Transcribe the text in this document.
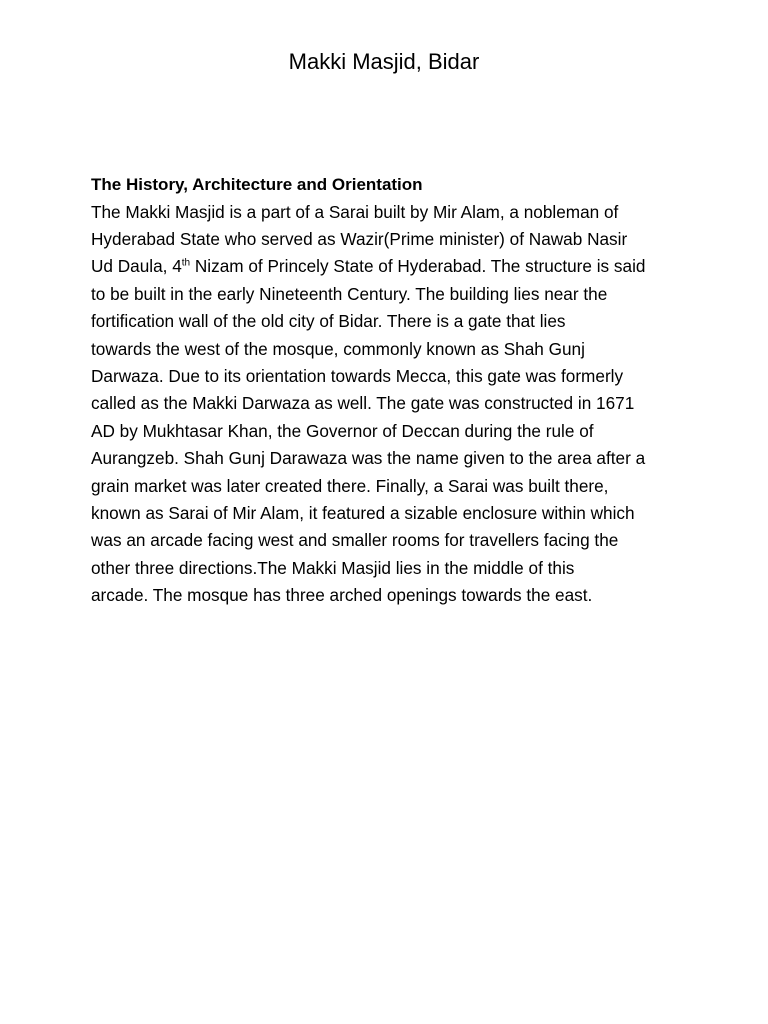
Makki Masjid, Bidar
The History, Architecture and Orientation
The Makki Masjid is a part of a Sarai built by Mir Alam, a nobleman of
Hyderabad State who served as Wazir(Prime minister) of Nawab Nasir
Ud Daula, 4th Nizam of Princely State of Hyderabad. The structure is said
to be built in the early Nineteenth Century. The building lies near the
fortification wall of the old city of Bidar. There is a gate that lies
towards the west of the mosque, commonly known as Shah Gunj
Darwaza. Due to its orientation towards Mecca, this gate was formerly
called as the Makki Darwaza as well. The gate was constructed in 1671
AD by Mukhtasar Khan, the Governor of Deccan during the rule of
Aurangzeb. Shah Gunj Darawaza was the name given to the area after a
grain market was later created there. Finally, a Sarai was built there,
known as Sarai of Mir Alam, it featured a sizable enclosure within which
was an arcade facing west and smaller rooms for travellers facing the
other three directions.The Makki Masjid lies in the middle of this
arcade. The mosque has three arched openings towards the east.
